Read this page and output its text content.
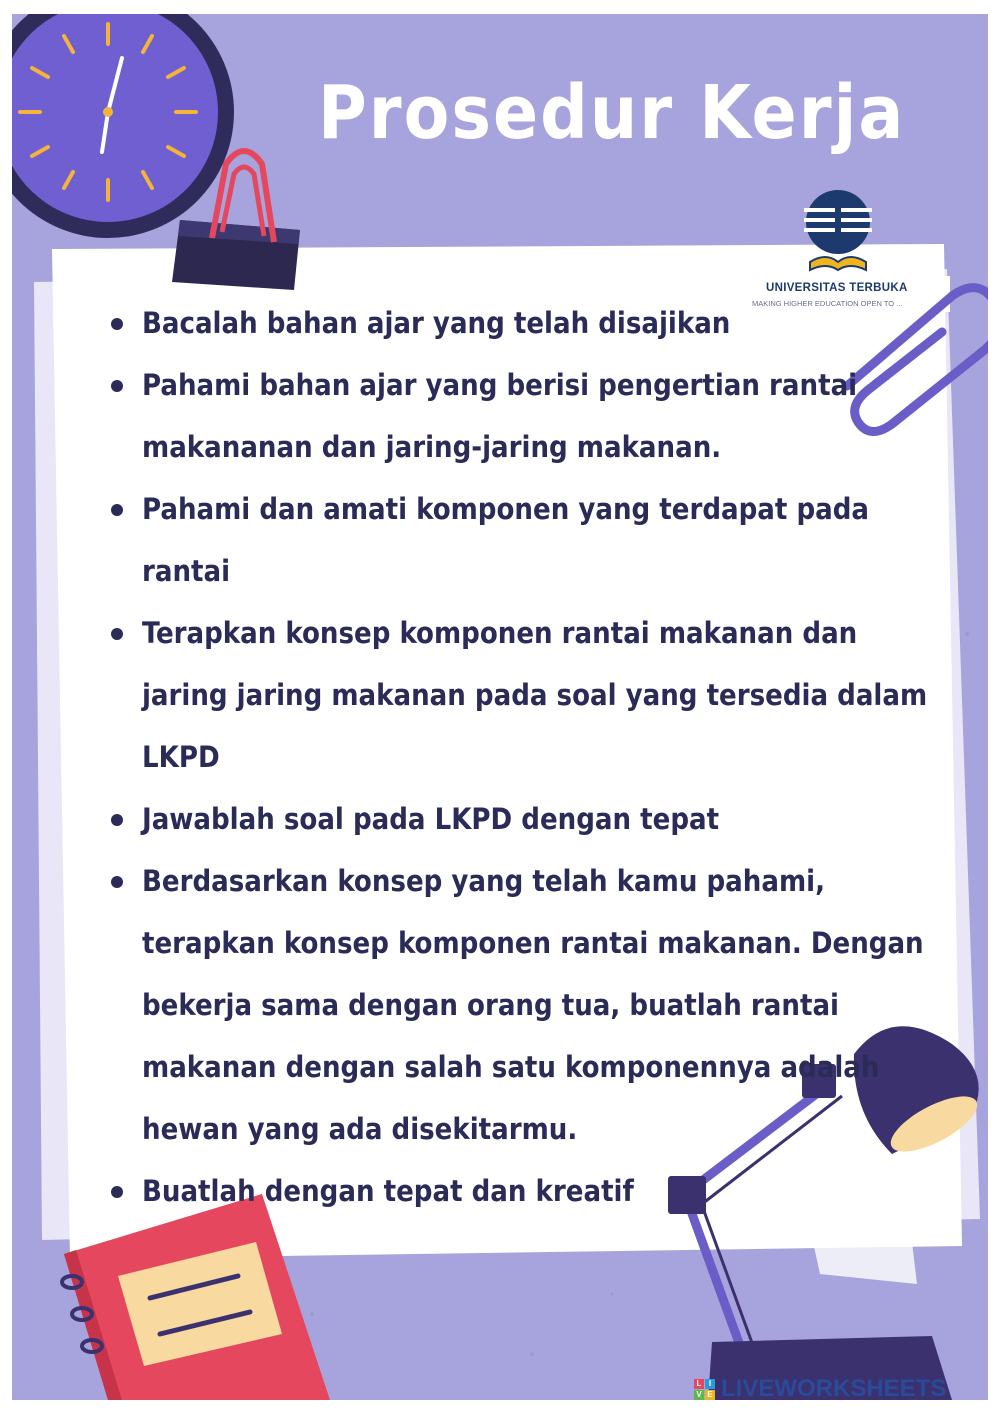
Prosedur Kerja
UNIVERSITAS TERBUKA
MAKING HIGHER EDUCATION OPEN TO ...
Bacalah bahan ajar yang telah disajikan
Pahami bahan ajar yang berisi pengertian rantai makananan dan jaring-jaring makanan.
Pahami dan amati komponen yang terdapat pada rantai
Terapkan konsep komponen rantai makanan dan jaring jaring makanan pada soal yang tersedia dalam LKPD
Jawablah soal pada LKPD dengan tepat
Berdasarkan konsep yang telah kamu pahami, terapkan konsep komponen rantai makanan. Dengan bekerja sama dengan orang tua, buatlah rantai makanan dengan salah satu komponennya adalah hewan yang ada disekitarmu.
Buatlah dengan tepat dan kreatif
L I
V E LIVEWORKSHEETS
